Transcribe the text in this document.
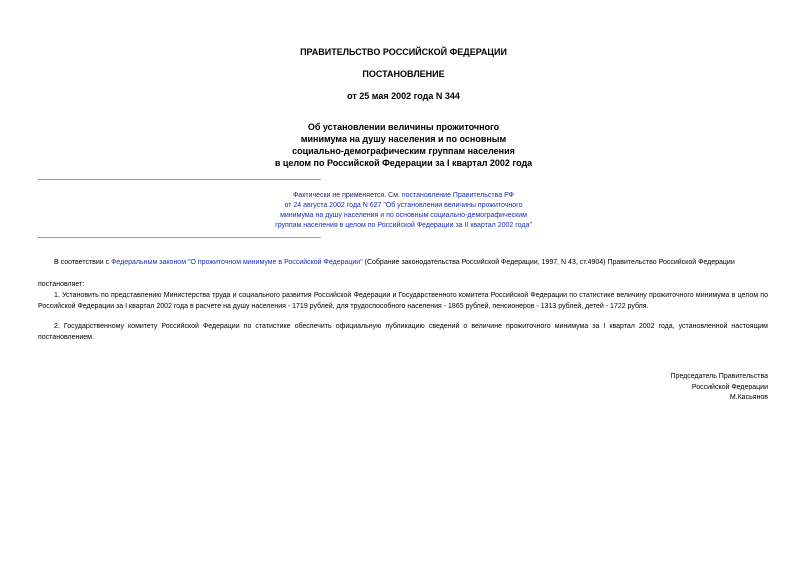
ПРАВИТЕЛЬСТВО РОССИЙСКОЙ ФЕДЕРАЦИИ
ПОСТАНОВЛЕНИЕ
от 25 мая 2002 года N 344
Об установлении величины прожиточного
минимума на душу населения и по основным
социально-демографическим группам населения
в целом по Российской Федерации за I квартал 2002 года
Фактически не применяется. См. постановление Правительства РФ
от 24 августа 2002 года N 627 "Об установлении величины прожиточного
минимума на душу населения и по основным социально-демографическим
группам населения в целом по Российской Федерации за II квартал 2002 года"
В соответствии с Федеральным законом "О прожиточном минимуме в Российской Федерации" (Собрание законодательства Российской Федерации, 1997, N 43, ст.4904) Правительство Российской Федерации
постановляет:
1. Установить по представлению Министерства труда и социального развития Российской Федерации и Государственного комитета Российской Федерации по статистике величину прожиточного минимума в целом по Российской Федерации за I квартал 2002 года в расчете на душу населения - 1719 рублей, для трудоспособного населения - 1865 рублей, пенсионеров - 1313 рублей, детей - 1722 рубля.
2. Государственному комитету Российской Федерации по статистике обеспечить официальную публикацию сведений о величине прожиточного минимума за I квартал 2002 года, установленной настоящим постановлением.
Председатель Правительства
Российской Федерации
М.Касьянов
